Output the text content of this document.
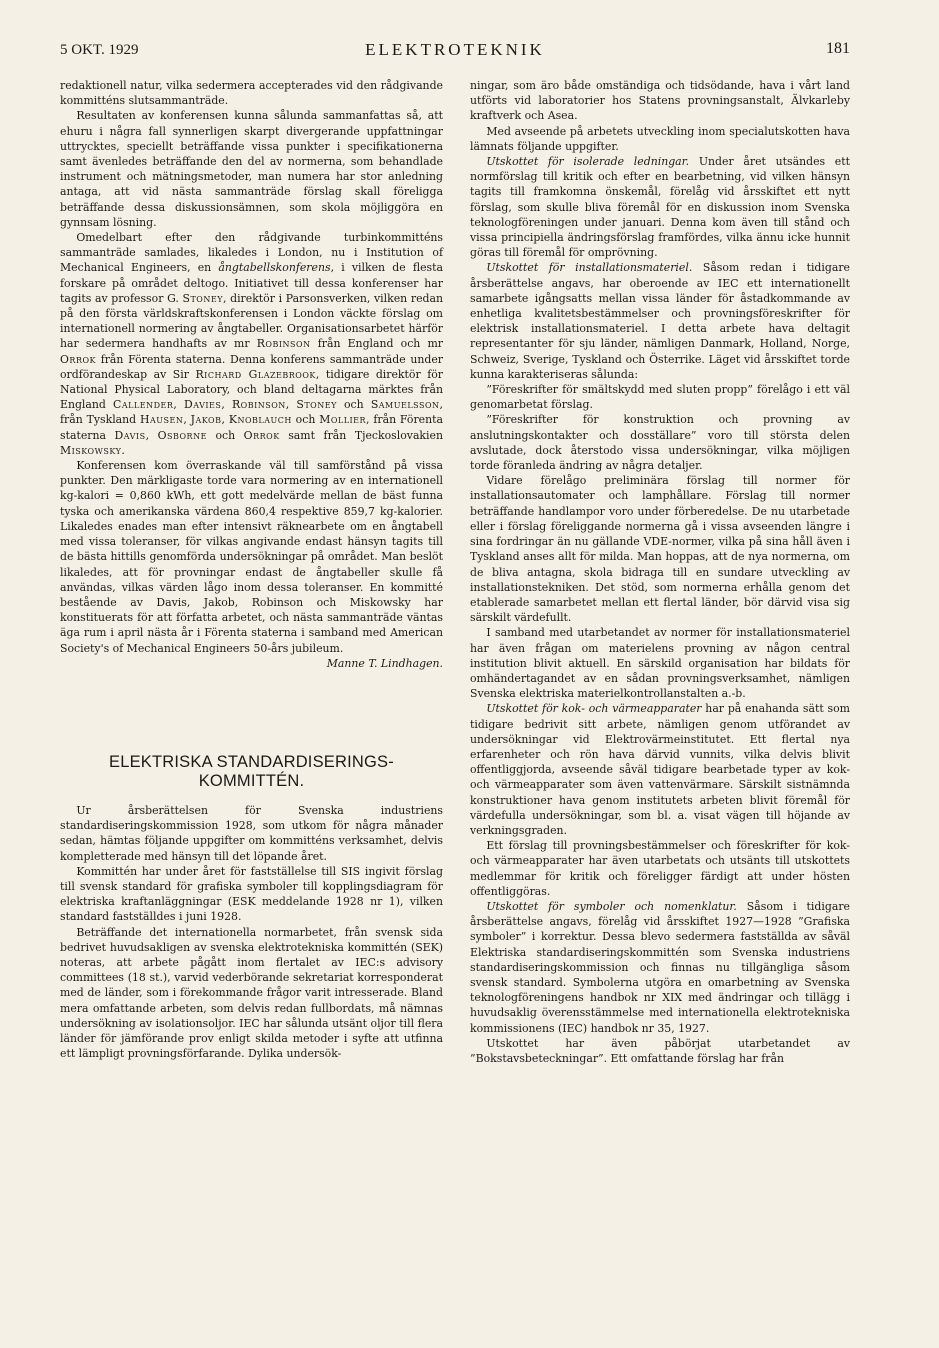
5 OKT. 1929	ELEKTROTEKNIK	181

redaktionell natur, vilka sedermera accepterades vid den rådgivande kommitténs slutsammanträde.

Resultaten av konferensen kunna sålunda sammanfattas så, att ehuru i några fall synnerligen skarpt divergerande uppfattningar uttrycktes, speciellt beträffande vissa punkter i specifikationerna samt ävenledes beträffande den del av normerna, som behandlade instrument och mätningsmetoder, man numera har stor anledning antaga, att vid nästa sammanträde förslag skall föreligga beträffande dessa diskussionsämnen, som skola möjliggöra en gynnsam lösning.

Omedelbart efter den rådgivande turbinkommitténs sammanträde samlades, likaledes i London, nu i Institution of Mechanical Engineers, en ångtabellskonferens, i vilken de flesta forskare på området deltogo. Initiativet till dessa konferenser har tagits av professor G. Stoney, direktör i Parsonsverken, vilken redan på den första världskraftskonferensen i London väckte förslag om internationell normering av ångtabeller. Organisationsarbetet härför har sedermera handhafts av mr Robinson från England och mr Orrok från Förenta staterna. Denna konferens sammanträde under ordförandeskap av Sir Richard Glazebrook, tidigare direktör för National Physical Laboratory, och bland deltagarna märktes från England Callender, Davies, Robinson, Stoney och Samuelsson, från Tyskland Hausen, Jakob, Knoblauch och Mollier, från Förenta staterna Davis, Osborne och Orrok samt från Tjeckoslovakien Miskowsky.

Konferensen kom överraskande väl till samförstånd på vissa punkter. Den märkligaste torde vara normering av en internationell kg-kalori = 0,860 kWh, ett gott medelvärde mellan de bäst funna tyska och amerikanska värdena 860,4 respektive 859,7 kg-kalorier. Likaledes enades man efter intensivt räknearbete om en ångtabell med vissa toleranser, för vilkas angivande endast hänsyn tagits till de bästa hittills genomförda undersökningar på området. Man beslöt likaledes, att för provningar endast de ångtabeller skulle få användas, vilkas värden lågo inom dessa toleranser. En kommitté bestående av Davis, Jakob, Robinson och Miskowsky har konstituerats för att författa arbetet, och nästa sammanträde väntas äga rum i april nästa år i Förenta staterna i samband med American Society's of Mechanical Engineers 50-års jubileum.

Manne T. Lindhagen.

ELEKTRISKA STANDARDISERINGS-
KOMMITTÉN.

Ur årsberättelsen för Svenska industriens standardiseringskommission 1928, som utkom för några månader sedan, hämtas följande uppgifter om kommitténs verksamhet, delvis kompletterade med hänsyn till det löpande året.

Kommittén har under året för fastställelse till SIS ingivit förslag till svensk standard för grafiska symboler till kopplingsdiagram för elektriska kraftanläggningar (ESK meddelande 1928 nr 1), vilken standard fastställdes i juni 1928.

Beträffande det internationella normarbetet, från svensk sida bedrivet huvudsakligen av svenska elektrotekniska kommittén (SEK) noteras, att arbete pågått inom flertalet av IEC:s advisory committees (18 st.), varvid vederbörande sekretariat korresponderat med de länder, som i förekommande frågor varit intresserade. Bland mera omfattande arbeten, som delvis redan fullbordats, må nämnas undersökning av isolationsoljor. IEC har sålunda utsänt oljor till flera länder för jämförande prov enligt skilda metoder i syfte att utfinna ett lämpligt provningsförfarande. Dylika undersök-

ningar, som äro både omständiga och tidsödande, hava i vårt land utförts vid laboratorier hos Statens provningsanstalt, Älvkarleby kraftverk och Asea.

Med avseende på arbetets utveckling inom specialutskotten hava lämnats följande uppgifter.

Utskottet för isolerade ledningar. Under året utsändes ett normförslag till kritik och efter en bearbetning, vid vilken hänsyn tagits till framkomna önskemål, förelåg vid årsskiftet ett nytt förslag, som skulle bliva föremål för en diskussion inom Svenska teknologföreningen under januari. Denna kom även till stånd och vissa principiella ändringsförslag framfördes, vilka ännu icke hunnit göras till föremål för omprövning.

Utskottet för installationsmateriel. Såsom redan i tidigare årsberättelse angavs, har oberoende av IEC ett internationellt samarbete igångsatts mellan vissa länder för åstadkommande av enhetliga kvalitetsbestämmelser och provningsföreskrifter för elektrisk installationsmateriel. I detta arbete hava deltagit representanter för sju länder, nämligen Danmark, Holland, Norge, Schweiz, Sverige, Tyskland och Österrike. Läget vid årsskiftet torde kunna karakteriseras sålunda:

”Föreskrifter för smältskydd med sluten propp” förelågo i ett väl genomarbetat förslag.

”Föreskrifter för konstruktion och provning av anslutningskontakter och dosställare” voro till största delen avslutade, dock återstodo vissa undersökningar, vilka möjligen torde föranleda ändring av några detaljer.

Vidare förelågo preliminära förslag till normer för installationsautomater och lamphållare. Förslag till normer beträffande handlampor voro under förberedelse. De nu utarbetade eller i förslag föreliggande normerna gå i vissa avseenden längre i sina fordringar än nu gällande VDE-normer, vilka på sina håll även i Tyskland anses allt för milda. Man hoppas, att de nya normerna, om de bliva antagna, skola bidraga till en sundare utveckling av installationstekniken. Det stöd, som normerna erhålla genom det etablerade samarbetet mellan ett flertal länder, bör därvid visa sig särskilt värdefullt.

I samband med utarbetandet av normer för installationsmateriel har även frågan om materielens provning av någon central institution blivit aktuell. En särskild organisation har bildats för omhändertagandet av en sådan provningsverksamhet, nämligen Svenska elektriska materielkontrollanstalten a.-b.

Utskottet för kok- och värmeapparater har på enahanda sätt som tidigare bedrivit sitt arbete, nämligen genom utförandet av undersökningar vid Elektrovärmeinstitutet. Ett flertal nya erfarenheter och rön hava därvid vunnits, vilka delvis blivit offentliggjorda, avseende såväl tidigare bearbetade typer av kok- och värmeapparater som även vattenvärmare. Särskilt sistnämnda konstruktioner hava genom institutets arbeten blivit föremål för värdefulla undersökningar, som bl. a. visat vägen till höjande av verkningsgraden.

Ett förslag till provningsbestämmelser och föreskrifter för kok- och värmeapparater har även utarbetats och utsänts till utskottets medlemmar för kritik och föreligger färdigt att under hösten offentliggöras.

Utskottet för symboler och nomenklatur. Såsom i tidigare årsberättelse angavs, förelåg vid årsskiftet 1927—1928 ”Grafiska symboler” i korrektur. Dessa blevo sedermera fastställda av såväl Elektriska standardiseringskommittén som Svenska industriens standardiseringskommission och finnas nu tillgängliga såsom svensk standard. Symbolerna utgöra en omarbetning av Svenska teknologföreningens handbok nr XIX med ändringar och tillägg i huvudsaklig överensstämmelse med internationella elektrotekniska kommissionens (IEC) handbok nr 35, 1927.

Utskottet har även påbörjat utarbetandet av ”Bokstavsbeteckningar”. Ett omfattande förslag har från
